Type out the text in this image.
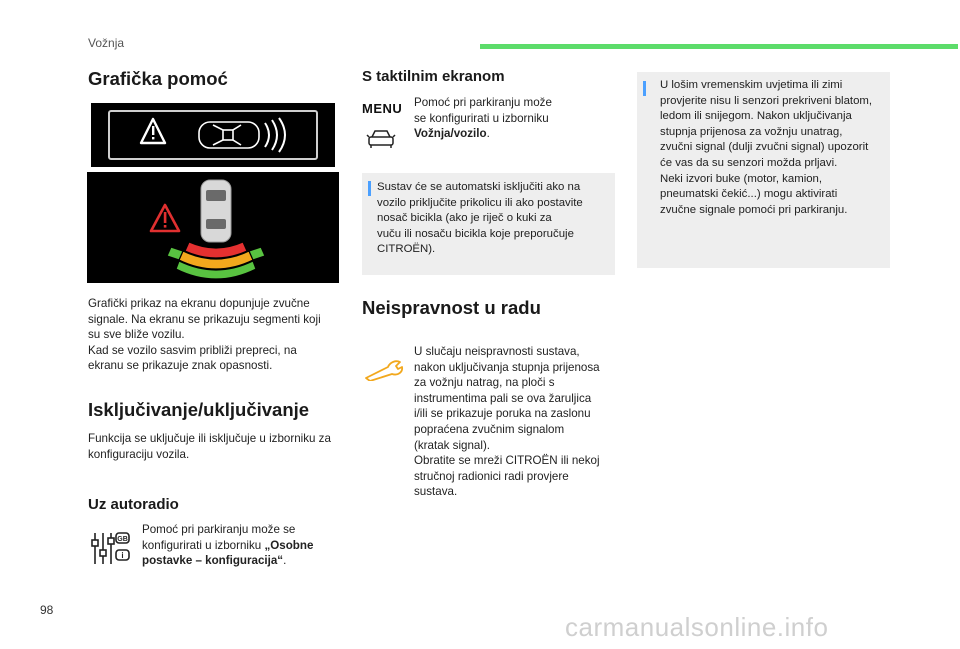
Vožnja
98
carmanualsonline.info
Grafička pomoć
Grafički prikaz na ekranu dopunjuje zvučne
signale. Na ekranu se prikazuju segmenti koji
su sve bliže vozilu.
Kad se vozilo sasvim približi prepreci, na
ekranu se prikazuje znak opasnosti.
Isključivanje/uključivanje
Funkcija se uključuje ili isključuje u izborniku za
konfiguraciju vozila.
Uz autoradio
GB
i
Pomoć pri parkiranju može se
konfigurirati u izborniku „Osobne
postavke – konfiguracija“.
S taktilnim ekranom
MENU Pomoć pri parkiranju može
se konfigurirati u izborniku
Vožnja/vozilo.
Sustav će se automatski isključiti ako na
vozilo priključite prikolicu ili ako postavite
nosač bicikla (ako je riječ o kuki za
vuču ili nosaču bicikla koje preporučuje
CITROËN).
Neispravnost u radu
U slučaju neispravnosti sustava,
nakon uključivanja stupnja prijenosa
za vožnju natrag, na ploči s
instrumentima pali se ova žaruljica
i/ili se prikazuje poruka na zaslonu
popraćena zvučnim signalom
(kratak signal).
Obratite se mreži CITROËN ili nekoj
stručnoj radionici radi provjere
sustava.
U lošim vremenskim uvjetima ili zimi
provjerite nisu li senzori prekriveni blatom,
ledom ili snijegom. Nakon uključivanja
stupnja prijenosa za vožnju unatrag,
zvučni signal (dulji zvučni signal) upozorit
će vas da su senzori možda prljavi.
Neki izvori buke (motor, kamion,
pneumatski čekić...) mogu aktivirati
zvučne signale pomoći pri parkiranju.
